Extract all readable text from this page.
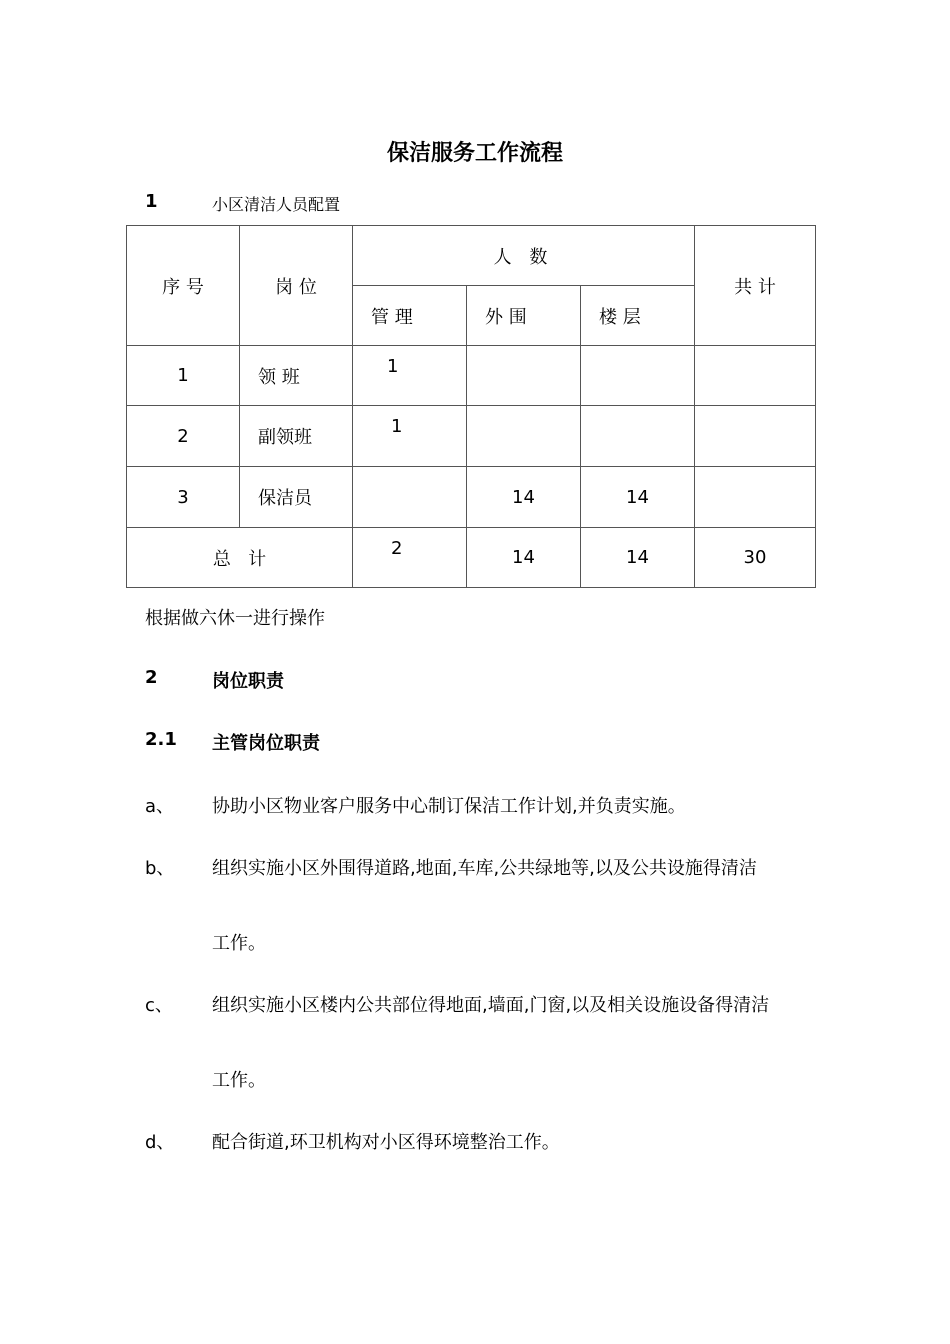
保洁服务工作流程
1	小区清洁人员配置
序 号	岗 位	人 数			共 计
		管 理	外 围	楼 层	
1	领 班	1			
2	副领班	1			
3	保洁员		14	14	
总   计		2	14	14	30
根据做六休一进行操作
2	岗位职责
2.1 主管岗位职责
a、 协助小区物业客户服务中心制订保洁工作计划,并负责实施。
b、 组织实施小区外围得道路,地面,车库,公共绿地等,以及公共设施得清洁
工作。
c、 组织实施小区楼内公共部位得地面,墙面,门窗,以及相关设施设备得清洁
工作。
d、 配合街道,环卫机构对小区得环境整治工作。
